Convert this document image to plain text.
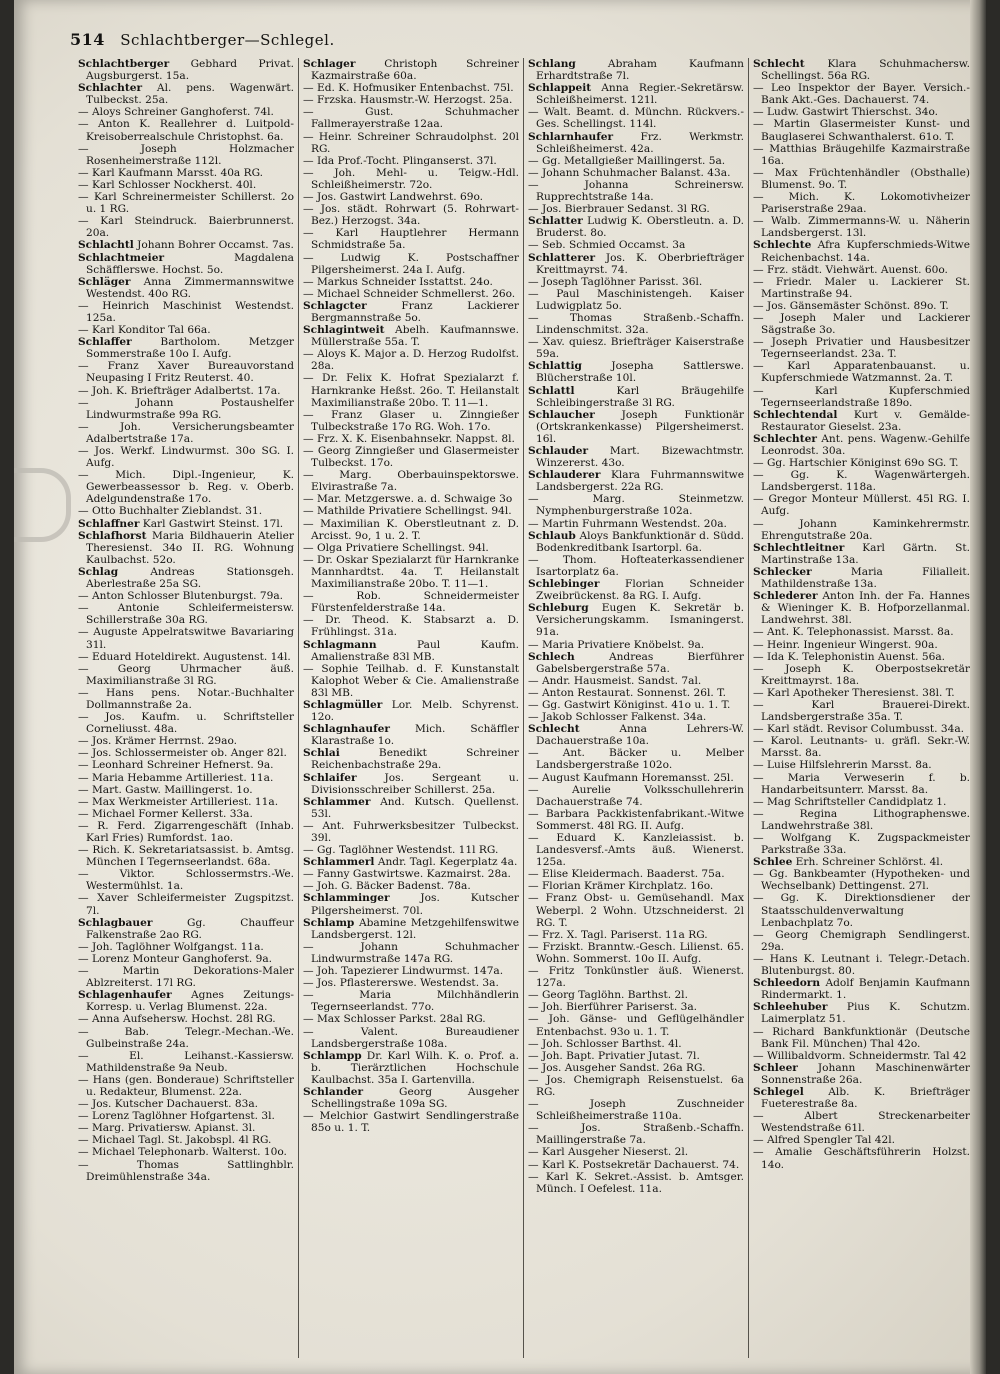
514 Schlachtberger—Schlegel.
Schlachtberger Gebhard Privat. Augsburgerst. 15a.
Schlachter Al. pens. Wagenwärt. Tulbeckst. 25a.
— Aloys Schreiner Ganghoferst. 74l.
— Anton K. Reallehrer d. Luitpold-Kreisoberrealschule Christophst. 6a.
— Joseph Holzmacher Rosenheimerstraße 112l.
— Karl Kaufmann Marsst. 40a RG.
— Karl Schlosser Nockherst. 40l.
— Karl Schreinermeister Schillerst. 2o u. 1 RG.
— Karl Steindruck. Baierbrunnerst. 20a.
Schlachtl Johann Bohrer Occamst. 7as.
Schlachtmeier Magdalena Schäfflerswe. Hochst. 5o.
Schläger Anna Zimmermannswitwe Westendst. 40o RG.
— Heinrich Maschinist Westendst. 125a.
— Karl Konditor Tal 66a.
Schlaffer Bartholom. Metzger Sommerstraße 10o I. Aufg.
— Franz Xaver Bureauvorstand Neupasing I Fritz Reuterst. 40.
— Joh. K. Briefträger Adalbertst. 17a.
— Johann Postaushelfer Lindwurmstraße 99a RG.
— Joh. Versicherungsbeamter Adalbertstraße 17a.
— Jos. Werkf. Lindwurmst. 30o SG. I. Aufg.
— Mich. Dipl.-Ingenieur, K. Gewerbeassessor b. Reg. v. Oberb. Adelgundenstraße 17o.
— Otto Buchhalter Zieblandst. 31.
Schlaffner Karl Gastwirt Steinst. 17l.
Schlafhorst Maria Bildhauerin Atelier Theresienst. 34o II. RG. Wohnung Kaulbachst. 52o.
Schlag Andreas Stationsgeh. Aberlestraße 25a SG.
— Anton Schlosser Blutenburgst. 79a.
— Antonie Schleifermeistersw. Schillerstraße 30a RG.
— Auguste Appelratswitwe Bavariaring 31l.
— Eduard Hoteldirekt. Augustenst. 14l.
— Georg Uhrmacher äuß. Maximilianstraße 3l RG.
— Hans pens. Notar.-Buchhalter Dollmannstraße 2a.
— Jos. Kaufm. u. Schriftsteller Corneliusst. 48a.
— Jos. Krämer Herrnst. 29ao.
— Jos. Schlossermeister ob. Anger 82l.
— Leonhard Schreiner Hefnerst. 9a.
— Maria Hebamme Artilleriest. 11a.
— Mart. Gastw. Maillingerst. 1o.
— Max Werkmeister Artilleriest. 11a.
— Michael Former Kellerst. 33a.
— R. Ferd. Zigarrengeschäft (Inhab. Karl Fries) Rumfordst. 1ao.
— Rich. K. Sekretariatsassist. b. Amtsg. München I Tegernseerlandst. 68a.
— Viktor. Schlossermstrs.-We. Westermühlst. 1a.
— Xaver Schleifermeister Zugspitzst. 7l.
Schlagbauer Gg. Chauffeur Falkenstraße 2ao RG.
— Joh. Taglöhner Wolfgangst. 11a.
— Lorenz Monteur Ganghoferst. 9a.
— Martin Dekorations-Maler Ablzreiterst. 17l RG.
Schlagenhaufer Agnes Zeitungs-Korresp. u. Verlag Blumenst. 22a.
— Anna Aufsehersw. Hochst. 28l RG.
— Bab. Telegr.-Mechan.-We. Gulbeinstraße 24a.
— El. Leihanst.-Kassiersw. Mathildenstraße 9a Neub.
— Hans (gen. Bonderaue) Schriftsteller u. Redakteur, Blumenst. 22a.
— Jos. Kutscher Dachauerst. 83a.
— Lorenz Taglöhner Hofgartenst. 3l.
— Marg. Privatiersw. Apianst. 3l.
— Michael Tagl. St. Jakobspl. 4l RG.
— Michael Telephonarb. Walterst. 10o.
— Thomas Sattlinghblr. Dreimühlenstraße 34a.
Schlager Christoph Schreiner Kazmairstraße 60a.
— Ed. K. Hofmusiker Entenbachst. 75l.
— Frzska. Hausmstr.-W. Herzogst. 25a.
— Gust. Schuhmacher Fallmerayerstraße 12aa.
— Heinr. Schreiner Schraudolphst. 20l RG.
— Ida Prof.-Tocht. Plinganserst. 37l.
— Joh. Mehl- u. Teigw.-Hdl. Schleißheimerstr. 72o.
— Jos. Gastwirt Landwehrst. 69o.
— Jos. städt. Rohrwart (5. Rohrwart-Bez.) Herzogst. 34a.
— Karl Hauptlehrer Hermann Schmidstraße 5a.
— Ludwig K. Postschaffner Pilgersheimerst. 24a I. Aufg.
— Markus Schneider Isstattst. 24o.
— Michael Schneider Schmellerst. 26o.
Schlagcter Franz Lackierer Bergmannstraße 5o.
Schlagintweit Abelh. Kaufmannswe. Müllerstraße 55a. T.
— Aloys K. Major a. D. Herzog Rudolfst. 28a.
— Dr. Felix K. Hofrat Spezialarzt f. Harnkranke Heßst. 26o. T. Heilanstalt Maximilianstraße 20bo. T. 11—1.
— Franz Glaser u. Zinngießer Tulbeckstraße 17o RG. Woh. 17o.
— Frz. X. K. Eisenbahnsekr. Nappst. 8l.
— Georg Zinngießer und Glasermeister Tulbeckst. 17o.
— Marg. Oberbauinspektorswe. Elvirastraße 7a.
— Mar. Metzgerswe. a. d. Schwaige 3o
— Mathilde Privatiere Schellingst. 94l.
— Maximilian K. Oberstleutnant z. D. Arcisst. 9o, 1 u. 2. T.
— Olga Privatiere Schellingst. 94l.
— Dr. Oskar Spezialarzt für Harnkranke Mannhardtst. 4a. T. Heilanstalt Maximilianstraße 20bo. T. 11—1.
— Rob. Schneidermeister Fürstenfelderstraße 14a.
— Dr. Theod. K. Stabsarzt a. D. Frühlingst. 31a.
Schlagmann Paul Kaufm. Amalienstraße 83l MB.
— Sophie Teilhab. d. F. Kunstanstalt Kalophot Weber & Cie. Amalienstraße 83l MB.
Schlagmüller Lor. Melb. Schyrenst. 12o.
Schlagnhaufer Mich. Schäffler Klarastraße 1o.
Schlai Benedikt Schreiner Reichenbachstraße 29a.
Schlaifer Jos. Sergeant u. Divisionsschreiber Schillerst. 25a.
Schlammer And. Kutsch. Quellenst. 53l.
— Ant. Fuhrwerksbesitzer Tulbeckst. 39l.
— Gg. Taglöhner Westendst. 11l RG.
Schlammerl Andr. Tagl. Kegerplatz 4a.
— Fanny Gastwirtswe. Kazmairst. 28a.
— Joh. G. Bäcker Badenst. 78a.
Schlamminger Jos. Kutscher Pilgersheimerst. 70l.
Schlamp Abamine Metzgehilfenswitwe Landsbergerst. 12l.
— Johann Schuhmacher Lindwurmstraße 147a RG.
— Joh. Tapezierer Lindwurmst. 147a.
— Jos. Pflastererswe. Westendst. 3a.
— Maria Milchhändlerin Tegernseerlandst. 77o.
— Max Schlosser Parkst. 28al RG.
— Valent. Bureaudiener Landsbergerstraße 108a.
Schlampp Dr. Karl Wilh. K. o. Prof. a. b. Tierärztlichen Hochschule Kaulbachst. 35a I. Gartenvilla.
Schlander Georg Ausgeher Schellingstraße 109a SG.
— Melchior Gastwirt Sendlingerstraße 85o u. 1. T.
Schlang Abraham Kaufmann Erhardtstraße 7l.
Schlappeit Anna Regier.-Sekretärsw. Schleißheimerst. 121l.
— Walt. Beamt. d. Münchn. Rückvers.-Ges. Schellingst. 114l.
Schlarnhaufer Frz. Werkmstr. Schleißheimerst. 42a.
— Gg. Metallgießer Maillingerst. 5a.
— Johann Schuhmacher Balanst. 43a.
— Johanna Schreinersw. Rupprechtstraße 14a.
— Jos. Bierbrauer Sedanst. 3l RG.
Schlatter Ludwig K. Oberstleutn. a. D. Bruderst. 8o.
— Seb. Schmied Occamst. 3a
Schlatterer Jos. K. Oberbriefträger Kreittmayrst. 74.
— Joseph Taglöhner Parisst. 36l.
— Paul Maschinistengeh. Kaiser Ludwigplatz 5o.
— Thomas Straßenb.-Schaffn. Lindenschmitst. 32a.
— Xav. quiesz. Briefträger Kaiserstraße 59a.
Schlattig Josepha Sattlerswe. Blücherstraße 10l.
Schlattl Karl Bräugehilfe Schleibingerstraße 3l RG.
Schlaucher Joseph Funktionär (Ortskrankenkasse) Pilgersheimerst. 16l.
Schlauder Mart. Bizewachtmstr. Winzererst. 43o.
Schlauderer Klara Fuhrmannswitwe Landsbergerst. 22a RG.
— Marg. Steinmetzw. Nymphenburgerstraße 102a.
— Martin Fuhrmann Westendst. 20a.
Schlaub Aloys Bankfunktionär d. Südd. Bodenkreditbank Isartorpl. 6a.
— Thom. Hofteaterkassendiener Isartorplatz 6a.
Schlebinger Florian Schneider Zweibrückenst. 8a RG. I. Aufg.
Schleburg Eugen K. Sekretär b. Versicherungskamm. Ismaningerst. 91a.
— Maria Privatiere Knöbelst. 9a.
Schlech Andreas Bierführer Gabelsbergerstraße 57a.
— Andr. Hausmeist. Sandst. 7al.
— Anton Restaurat. Sonnenst. 26l. T.
— Gg. Gastwirt Königinst. 41o u. 1. T.
— Jakob Schlosser Falkenst. 34a.
Schlecht Anna Lehrers-W. Dachauerstraße 10a.
— Ant. Bäcker u. Melber Landsbergerstraße 102o.
— August Kaufmann Horemansst. 25l.
— Aurelie Volksschullehrerin Dachauerstraße 74.
— Barbara Packkistenfabrikant.-Witwe Sommerst. 48l RG. II. Aufg.
— Eduard K. Kanzleiassist. b. Landesversf.-Amts äuß. Wienerst. 125a.
— Elise Kleidermach. Baaderst. 75a.
— Florian Krämer Kirchplatz. 16o.
— Franz Obst- u. Gemüsehandl. Max Weberpl. 2 Wohn. Utzschneiderst. 2l RG. T.
— Frz. X. Tagl. Pariserst. 11a RG.
— Frziskt. Branntw.-Gesch. Lilienst. 65. Wohn. Sommerst. 10o II. Aufg.
— Fritz Tonkünstler äuß. Wienerst. 127a.
— Georg Taglöhn. Barthst. 2l.
— Joh. Bierführer Pariserst. 3a.
— Joh. Gänse- und Geflügelhändler Entenbachst. 93o u. 1. T.
— Joh. Schlosser Barthst. 4l.
— Joh. Bapt. Privatier Jutast. 7l.
— Jos. Ausgeher Sandst. 26a RG.
— Jos. Chemigraph Reisenstuelst. 6a RG.
— Joseph Zuschneider Schleißheimerstraße 110a.
— Jos. Straßenb.-Schaffn. Maillingerstraße 7a.
— Karl Ausgeher Nieserst. 2l.
— Karl K. Postsekretär Dachauerst. 74.
— Karl K. Sekret.-Assist. b. Amtsger. Münch. I Oefelest. 11a.
Schlecht Klara Schuhmachersw. Schellingst. 56a RG.
— Leo Inspektor der Bayer. Versich.-Bank Akt.-Ges. Dachauerst. 74.
— Ludw. Gastwirt Thierschst. 34o.
— Martin Glasermeister Kunst- und Bauglaserei Schwanthalerst. 61o. T.
— Matthias Bräugehilfe Kazmairstraße 16a.
— Max Früchtenhändler (Obsthalle) Blumenst. 9o. T.
— Mich. K. Lokomotivheizer Pariserstraße 29aa.
— Walb. Zimmermanns-W. u. Näherin Landsbergerst. 13l.
Schlechte Afra Kupferschmieds-Witwe Reichenbachst. 14a.
— Frz. städt. Viehwärt. Auenst. 60o.
— Friedr. Maler u. Lackierer St. Martinstraße 94.
— Jos. Gänsemäster Schönst. 89o. T.
— Joseph Maler und Lackierer Sägstraße 3o.
— Joseph Privatier und Hausbesitzer Tegernseerlandst. 23a. T.
— Karl Apparatenbauanst. u. Kupferschmiede Watzmannst. 2a. T.
— Karl Kupferschmied Tegernseerlandstraße 189o.
Schlechtendal Kurt v. Gemälde-Restaurator Gieselst. 23a.
Schlechter Ant. pens. Wagenw.-Gehilfe Leonrodst. 30a.
— Gg. Hartschier Königinst 69o SG. T.
— Gg. K. Wagenwärtergeh. Landsbergerst. 118a.
— Gregor Monteur Müllerst. 45l RG. I. Aufg.
— Johann Kaminkehrermstr. Ehrengutstraße 20a.
Schlechtleitner Karl Gärtn. St. Martinstraße 13a.
Schlecker Maria Filialleit. Mathildenstraße 13a.
Schlederer Anton Inh. der Fa. Hannes & Wieninger K. B. Hofporzellanmal. Landwehrst. 38l.
— Ant. K. Telephonassist. Marsst. 8a.
— Heinr. Ingenieur Wingerst. 90a.
— Ida K. Telephonistin Auenst. 56a.
— Joseph K. Oberpostsekretär Kreittmayrst. 18a.
— Karl Apotheker Theresienst. 38l. T.
— Karl Brauerei-Direkt. Landsbergerstraße 35a. T.
— Karl städt. Revisor Columbusst. 34a.
— Karol. Leutnants- u. gräfl. Sekr.-W. Marsst. 8a.
— Luise Hilfslehrerin Marsst. 8a.
— Maria Verweserin f. b. Handarbeitsunterr. Marsst. 8a.
— Mag Schriftsteller Candidplatz 1.
— Regina Lithographenswe. Landwehrstraße 38l.
— Wolfgang K. Zugspackmeister Parkstraße 33a.
Schlee Erh. Schreiner Schlörst. 4l.
— Gg. Bankbeamter (Hypotheken- und Wechselbank) Dettingenst. 27l.
— Gg. K. Direktionsdiener der Staatsschuldenverwaltung Lenbachplatz 7o.
— Georg Chemigraph Sendlingerst. 29a.
— Hans K. Leutnant i. Telegr.-Detach. Blutenburgst. 80.
Schleedorn Adolf Benjamin Kaufmann Rindermarkt. 1.
Schleehuber Pius K. Schutzm. Laimerplatz 51.
— Richard Bankfunktionär (Deutsche Bank Fil. München) Thal 42o.
— Willibaldvorm. Schneidermstr. Tal 42
Schleer Johann Maschinenwärter Sonnenstraße 26a.
Schlegel Alb. K. Briefträger Fueterestraße 8a.
— Albert Streckenarbeiter Westendstraße 61l.
— Alfred Spengler Tal 42l.
— Amalie Geschäftsführerin Holzst. 14o.
